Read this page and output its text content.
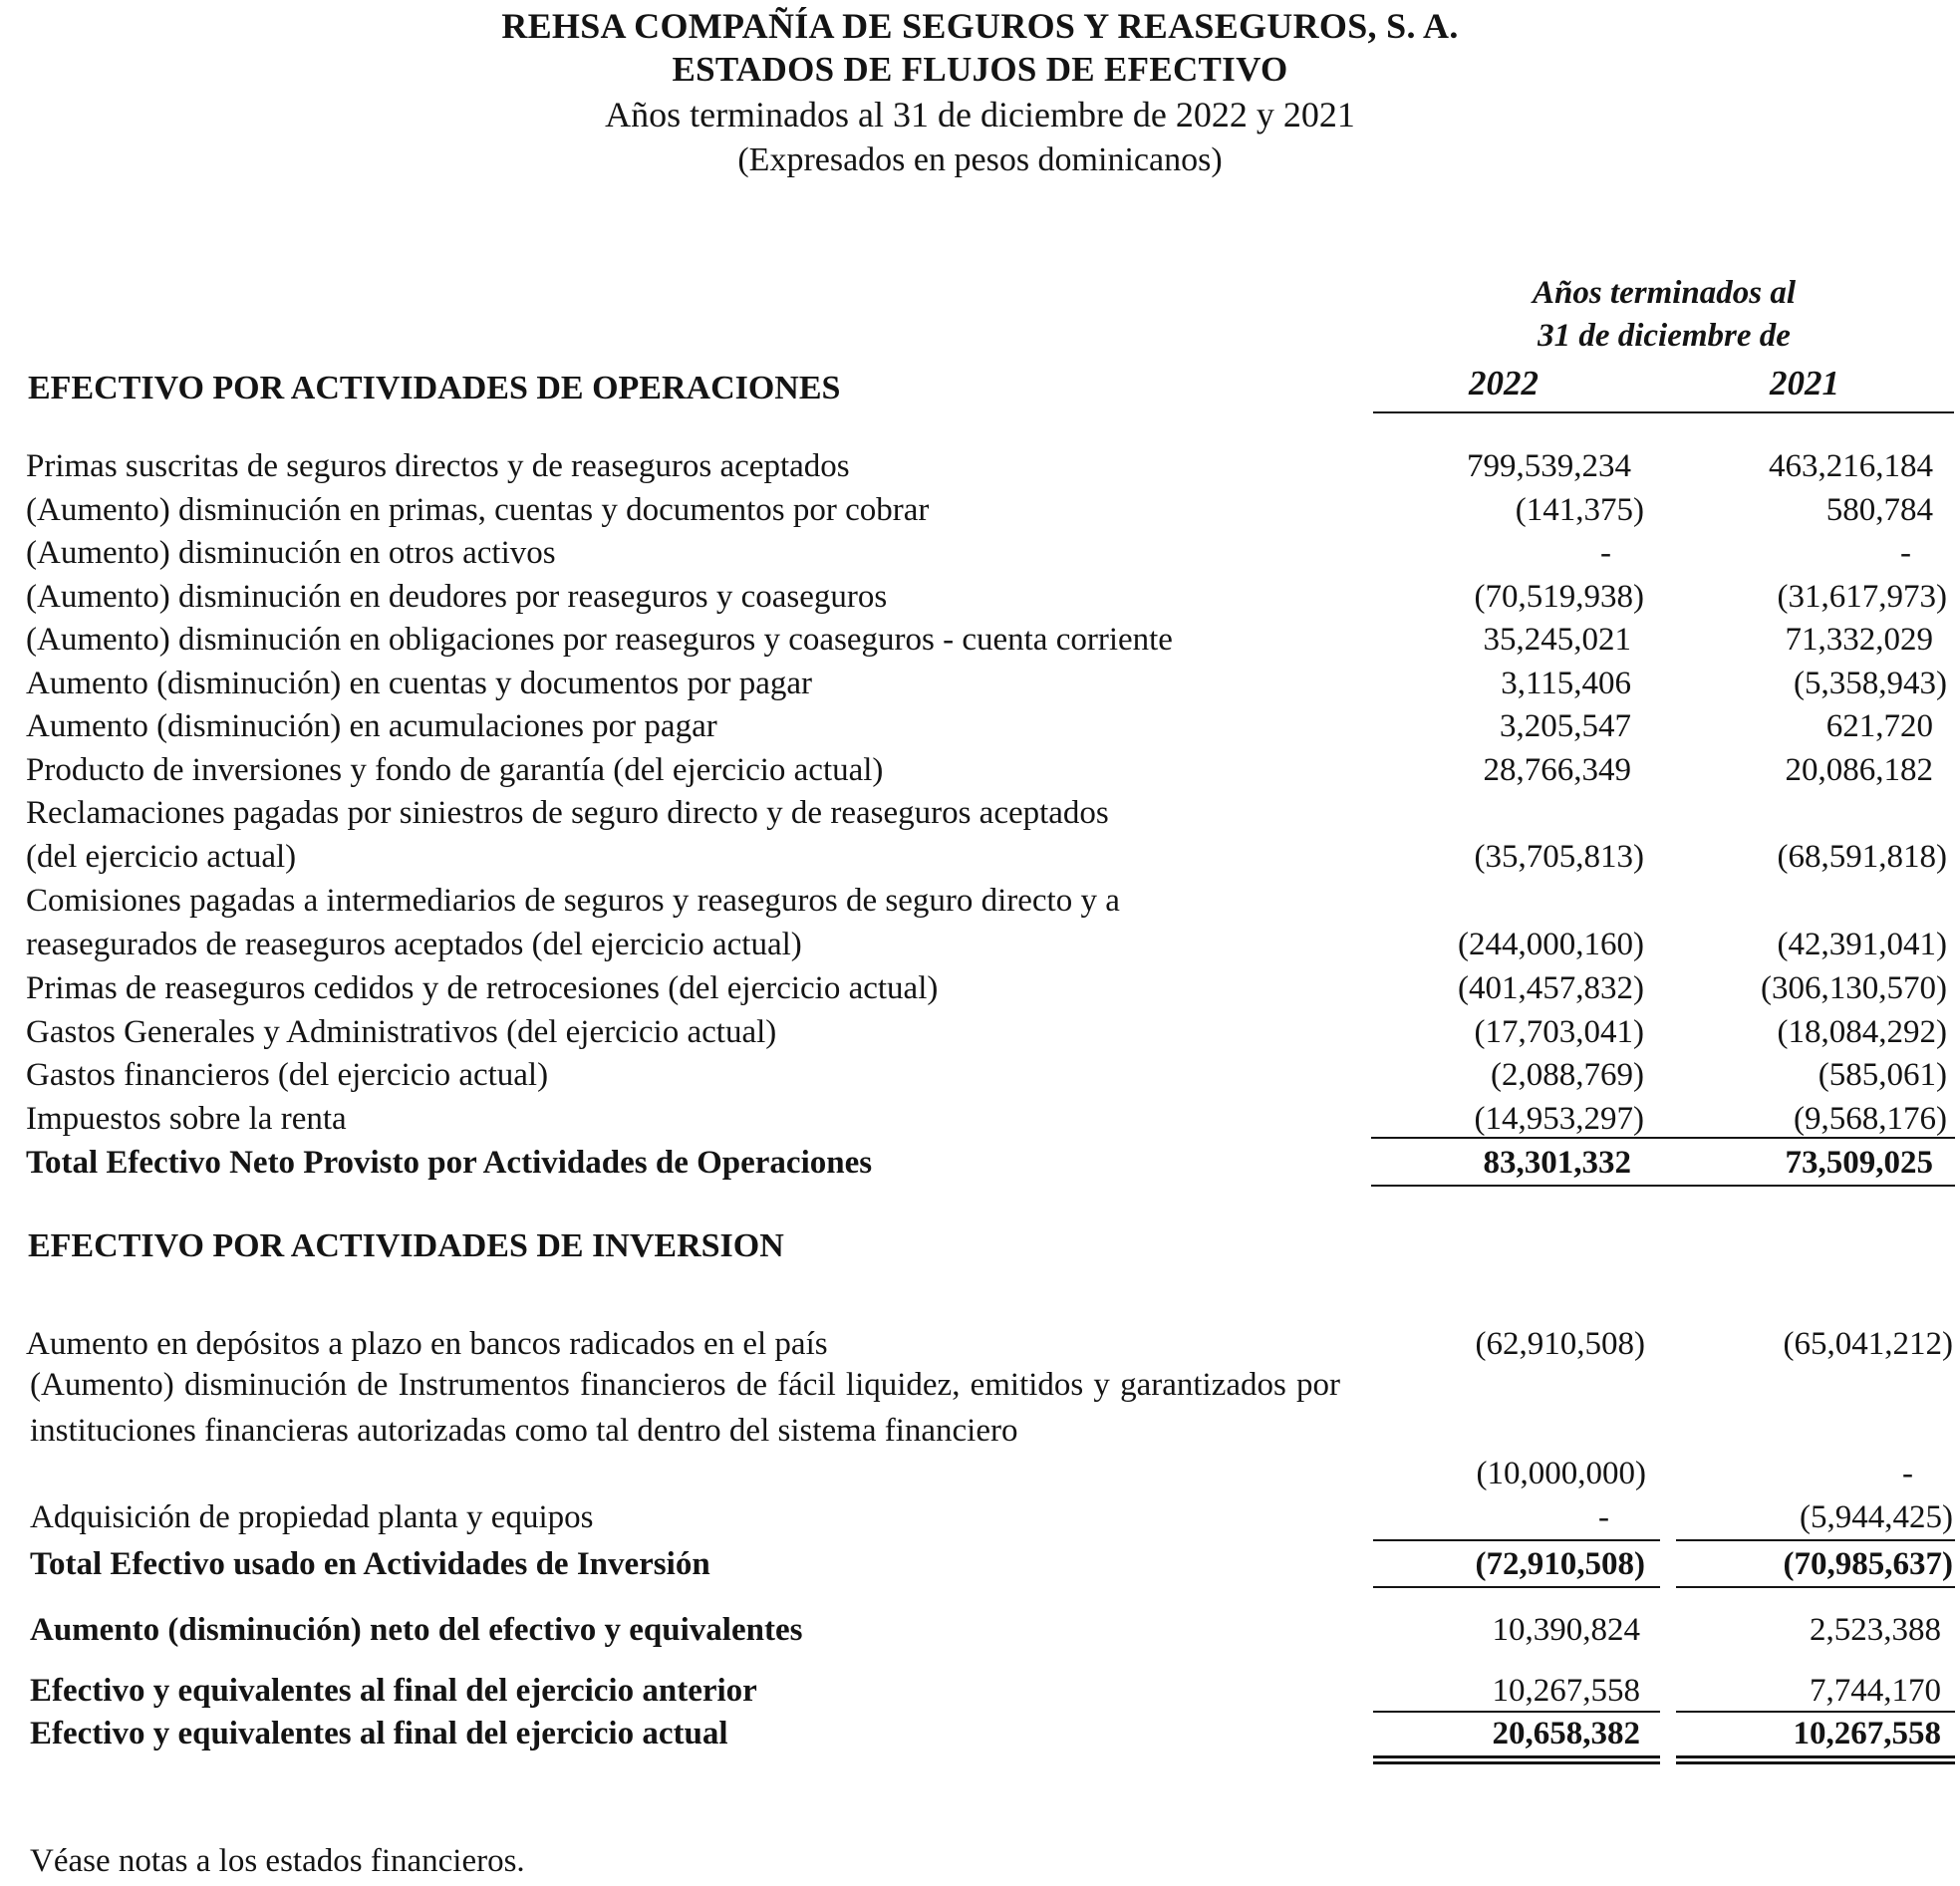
REHSA COMPAÑÍA DE SEGUROS Y REASEGUROS, S. A.
ESTADOS DE FLUJOS DE EFECTIVO
Años terminados al 31 de diciembre de 2022 y 2021
(Expresados en pesos dominicanos)
Años terminados al
31 de diciembre de
2022	2021
EFECTIVO POR ACTIVIDADES DE OPERACIONES
Primas suscritas de seguros directos y de reaseguros aceptados	799,539,234	463,216,184
(Aumento) disminución en primas, cuentas y documentos por cobrar	(141,375)	580,784
(Aumento) disminución en otros activos	-	-
(Aumento) disminución en deudores por reaseguros y coaseguros	(70,519,938)	(31,617,973)
(Aumento) disminución en obligaciones por reaseguros y coaseguros - cuenta corriente	35,245,021	71,332,029
Aumento (disminución) en cuentas y documentos por pagar	3,115,406	(5,358,943)
Aumento (disminución) en acumulaciones por pagar	3,205,547	621,720
Producto de inversiones y fondo de garantía (del ejercicio actual)	28,766,349	20,086,182
Reclamaciones pagadas por siniestros de seguro directo y de reaseguros aceptados
(del ejercicio actual)	(35,705,813)	(68,591,818)
Comisiones pagadas a intermediarios de seguros y reaseguros de seguro directo y a
reasegurados de reaseguros aceptados (del ejercicio actual)	(244,000,160)	(42,391,041)
Primas de reaseguros cedidos y de retrocesiones (del ejercicio actual)	(401,457,832)	(306,130,570)
Gastos Generales y Administrativos (del ejercicio actual)	(17,703,041)	(18,084,292)
Gastos financieros (del ejercicio actual)	(2,088,769)	(585,061)
Impuestos sobre la renta	(14,953,297)	(9,568,176)
Total Efectivo Neto Provisto por Actividades de Operaciones	83,301,332	73,509,025
EFECTIVO POR ACTIVIDADES DE INVERSION
Aumento en depósitos a plazo en bancos radicados en el país	(62,910,508)	(65,041,212)
(Aumento) disminución de Instrumentos financieros de fácil liquidez, emitidos y garantizados por instituciones financieras autorizadas como tal dentro del sistema financiero
(10,000,000)	-
Adquisición de propiedad planta y equipos	-	(5,944,425)
Total Efectivo usado en Actividades de Inversión	(72,910,508)	(70,985,637)
Aumento (disminución) neto del efectivo y equivalentes	10,390,824	2,523,388
Efectivo y equivalentes al final del ejercicio anterior	10,267,558	7,744,170
Efectivo y equivalentes al final del ejercicio actual	20,658,382	10,267,558
Véase notas a los estados financieros.
